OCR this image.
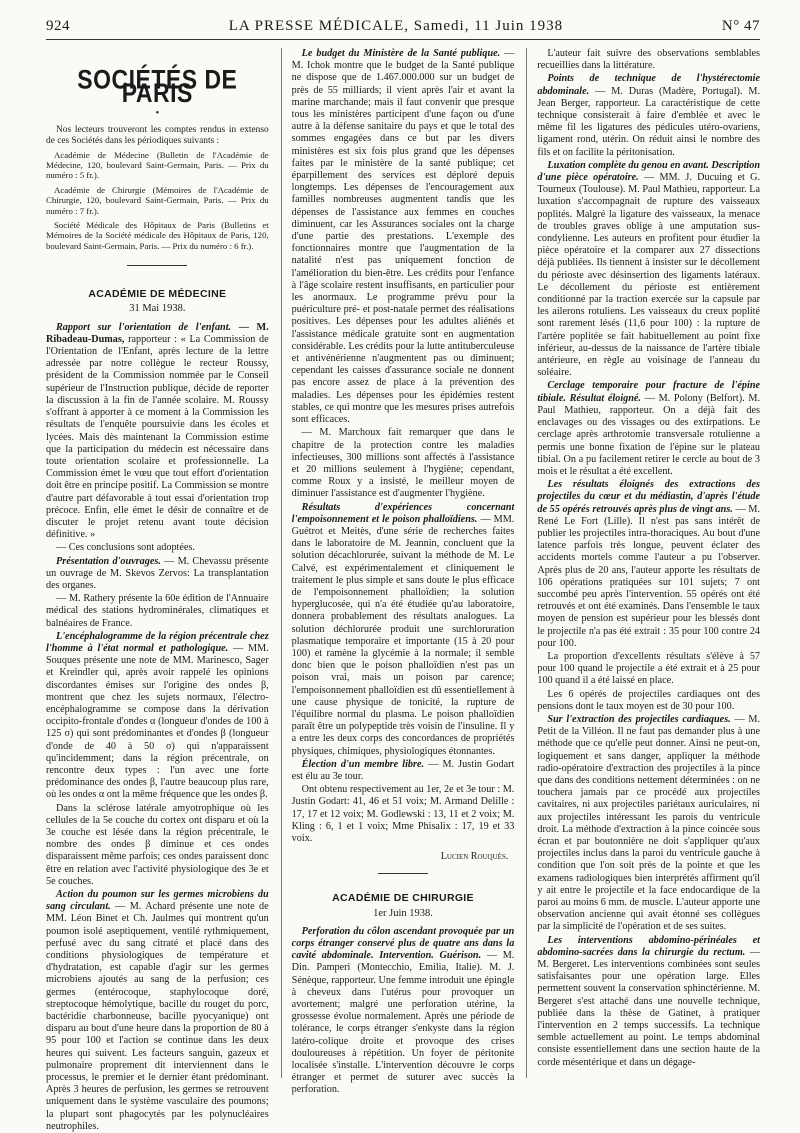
924	LA PRESSE MÉDICALE, Samedi, 11 Juin 1938	N° 47
SOCIÉTÉS DE PARIS
•

Nos lecteurs trouveront les comptes rendus in extenso de ces Sociétés dans les périodiques suivants :

Académie de Médecine (Bulletin de l'Académie de Médecine, 120, boulevard Saint-Germain, Paris. — Prix du numéro : 5 fr.).

Académie de Chirurgie (Mémoires de l'Académie de Chirurgie, 120, boulevard Saint-Germain, Paris. — Prix du numéro : 7 fr.).

Société Médicale des Hôpitaux de Paris (Bulletins et Mémoires de la Société médicale des Hôpitaux de Paris, 120, boulevard Saint-Germain, Paris. — Prix du numéro : 6 fr.).

ACADÉMIE DE MÉDECINE
31 Mai 1938.

Rapport sur l'orientation de l'enfant. — M. Ribadeau-Dumas, rapporteur : « La Commission de l'Orientation de l'Enfant, après lecture de la lettre adressée par notre collègue le recteur Roussy, président de la Commission nommée par le Conseil supérieur de l'Instruction publique, décide de reporter la discussion à la fin de l'année scolaire. M. Roussy s'offrant à apporter à ce moment à la Commission les résultats de l'enquête poursuivie dans les écoles et lycées. Mais dès maintenant la Commission estime que la participation du médecin est nécessaire dans toute orientation scolaire et professionnelle. La Commission émet le vœu que tout effort d'orientation doit être en principe positif. La Commission se montre d'autre part défavorable à tout essai d'orientation trop précoce. Enfin, elle émet le désir de connaître et de discuter le projet retenu avant toute décision définitive. »

— Ces conclusions sont adoptées.

Présentation d'ouvrages. — M. Chevassu présente un ouvrage de M. Skevos Zervos: La transplantation des organes.

— M. Rathery présente la 60e édition de l'Annuaire médical des stations hydrominérales, climatiques et balnéaires de France.

L'encéphalogramme de la région précentrale chez l'homme à l'état normal et pathologique. — MM. Souques présente une note de MM. Marinesco, Sager et Kreindler qui, après avoir rappelé les opinions discordantes émises sur l'origine des ondes β, montrent que chez les sujets normaux, l'électro-encéphalogramme se compose dans la dérivation occipito-frontale d'ondes α (longueur d'ondes de 100 à 125 σ) qui sont prédominantes et d'ondes β (longueur d'onde de 40 à 50 σ) qui n'apparaissent qu'incidemment; dans la région précentrale, on rencontre deux types : l'un avec une forte prédominance des ondes β, l'autre beaucoup plus rare, où les ondes α ont la même fréquence que les ondes β.

Dans la sclérose latérale amyotrophique où les cellules de la 5e couche du cortex ont disparu et où la 3e couche est lésée dans la région précentrale, le nombre des ondes β diminue et ces ondes disparaissent même parfois; ces ondes paraissent donc être en relation avec l'activité physiologique des 3e et 5e couches.

Action du poumon sur les germes microbiens du sang circulant. — M. Achard présente une note de MM. Léon Binet et Ch. Jaulmes qui montrent qu'un poumon isolé aseptiquement, ventilé rythmiquement, perfusé avec du sang citraté et placé dans des conditions physiologiques de température et d'hydratation, est capable d'agir sur les germes microbiens ajoutés au sang de la perfusion; ces germes (entérocoque, staphylocoque doré, streptocoque hémolytique, bacille du rouget du porc, bactéridie charbonneuse, bacille pyocyanique) ont disparu au bout d'une heure dans la proportion de 80 à 95 pour 100 et l'action se continue dans les deux heures qui suivent. Les facteurs sanguin, gazeux et pulmonaire proprement dit interviennent dans le processus, le premier et le dernier étant prédominant. Après 3 heures de perfusion, les germes se retrouvent uniquement dans le système vasculaire des poumons; la plupart sont phagocytés par les polynucléaires neutrophiles.

Le budget du Ministère de la Santé publique. — M. Ichok montre que le budget de la Santé publique ne dispose que de 1.467.000.000 sur un budget de près de 55 milliards; il vient après l'air et avant la marine marchande; mais il faut convenir que presque tous les ministères participent d'une façon ou d'une autre à la défense sanitaire du pays et que le total des sommes engagées dans ce but par les divers ministères est six fois plus grand que les dépenses faites par le ministère de la santé publique; cet éparpillement des services est déploré depuis longtemps. Les dépenses de l'encouragement aux familles nombreuses augmentent tandis que les dépenses de l'assistance aux femmes en couches diminuent, car les Assurances sociales ont la charge d'une partie des prestations. L'exemple des fonctionnaires montre que l'augmentation de la natalité n'est pas uniquement fonction de l'amélioration du bien-être. Les crédits pour l'enfance à l'âge scolaire restent insuffisants, en particulier pour les anormaux. Le programme prévu pour la puériculture pré- et post-natale permet des réalisations positives. Les dépenses pour les adultes aliénés et l'assistance médicale gratuite sont en augmentation considérable. Les crédits pour la lutte antituberculeuse et antivénérienne n'augmentent pas ou diminuent; cependant les caisses d'assurance sociale ne donnent pas encore assez de place à la prévention des maladies. Les dépenses pour les épidémies restent stables, ce qui montre que les mesures prises autrefois sont efficaces.

— M. Marchoux fait remarquer que dans le chapitre de la protection contre les maladies infectieuses, 300 millions sont affectés à l'assistance et 20 millions seulement à l'hygiène; cependant, comme Roux y a insisté, le meilleur moyen de diminuer l'assistance est d'augmenter l'hygiène.

Résultats d'expériences concernant l'empoisonnement et le poison phalloïdiens. — MM. Guétrot et Meitès, d'une série de recherches faites dans le laboratoire de M. Jeannin, concluent que la solution décachlorurée, suivant la méthode de M. Le Calvé, est expérimentalement et cliniquement le traitement le plus simple et sans doute le plus efficace de l'empoisonnement phalloïdien; la solution hyperglucosée, qui n'a été étudiée qu'au laboratoire, donnera probablement des résultats analogues. La solution déchlorurée produit une surchloruration plasmatique temporaire et importante (15 à 20 pour 100) et ramène la glycémie à la normale; il semble donc bien que le poison phalloïdien n'est pas un poison vrai, mais un poison par carence; l'empoisonnement phalloïdien est dû essentiellement à une cause physique de tonicité, la rupture de l'équilibre normal du plasma. Le poison phalloïdien paraît être un polypeptide très voisin de l'insuline. Il y a entre les deux corps des concordances de propriétés physiques, chimiques, physiologiques étonnantes.

Élection d'un membre libre. — M. Justin Godart est élu au 3e tour.

Ont obtenu respectivement au 1er, 2e et 3e tour : M. Justin Godart: 41, 46 et 51 voix; M. Armand Delille : 17, 17 et 12 voix; M. Godlewski : 13, 11 et 2 voix; M. Kling : 6, 1 et 1 voix; Mme Phisalix : 17, 19 et 33 voix.

Lucien Rouquès.
ACADÉMIE DE CHIRURGIE
1er Juin 1938.

Perforation du côlon ascendant provoquée par un corps étranger conservé plus de quatre ans dans la cavité abdominale. Intervention. Guérison. — M. Din. Pamperi (Montecchio, Emilia, Italie). M. J. Sénèque, rapporteur. Une femme introduit une épingle à cheveux dans l'utérus pour provoquer un avortement; malgré une perforation utérine, la grossesse évolue normalement. Après une période de tolérance, le corps étranger s'enkyste dans la région latéro-colique droite et provoque des crises douloureuses à répétition. Un foyer de péritonite localisée s'installe. L'intervention découvre le corps étranger et permet de suturer avec succès la perforation.

L'auteur fait suivre des observations semblables recueillies dans la littérature.

Points de technique de l'hystérectomie abdominale. — M. Duras (Madère, Portugal). M. Jean Berger, rapporteur. La caractéristique de cette technique consisterait à faire d'emblée et avec le même fil les ligatures des pédicules utéro-ovariens, ligament rond, utérin. On réduit ainsi le nombre des fils et on facilite la péritonisation.

Luxation complète du genou en avant. Description d'une pièce opératoire. — MM. J. Ducuing et G. Tourneux (Toulouse). M. Paul Mathieu, rapporteur. La luxation s'accompagnait de rupture des vaisseaux poplités. Malgré la ligature des vaisseaux, la menace de troubles graves oblige à une amputation sus-condylienne. Les auteurs en profitent pour étudier la pièce opératoire et la comparer aux 27 dissections déjà publiées. Ils tiennent à insister sur le décollement du périoste avec désinsertion des ligaments latéraux. Le décollement du périoste est entièrement conditionné par la traction exercée sur la capsule par les ailerons rotuliens. Les vaisseaux du creux poplité sont rarement lésés (11,6 pour 100) : la rupture de l'artère poplitée se fait habituellement au point fixe inférieur, au-dessus de la naissance de l'artère tibiale antérieure, en règle au voisinage de l'anneau du soléaire.

Cerclage temporaire pour fracture de l'épine tibiale. Résultat éloigné. — M. Polony (Belfort). M. Paul Mathieu, rapporteur. On a déjà fait des enclavages ou des vissages ou des extirpations. Le cerclage après arthrotomie transversale rotulienne a permis une bonne fixation de l'épine sur le plateau tibial. On a pu facilement retirer le cercle au bout de 3 mois et le résultat a été excellent.

Les résultats éloignés des extractions des projectiles du cœur et du médiastin, d'après l'étude de 55 opérés retrouvés après plus de vingt ans. — M. René Le Fort (Lille). Il n'est pas sans intérêt de publier les projectiles intra-thoraciques. Au bout d'une latence parfois très longue, peuvent éclater des accidents mortels comme l'auteur a pu l'observer. Après plus de 20 ans, l'auteur apporte les résultats de 106 opérations pratiquées sur 101 sujets; 7 ont succombé peu après l'intervention. 55 opérés ont été retrouvés et ont été examinés. Dans l'ensemble le taux moyen de pension est supérieur pour les blessés dont le projectile n'a pas été extrait : 35 pour 100 contre 24 pour 100.

La proportion d'excellents résultats s'élève à 57 pour 100 quand le projectile a été extrait et à 25 pour 100 quand il a été laissé en place.

Les 6 opérés de projectiles cardiaques ont des pensions dont le taux moyen est de 30 pour 100.

Sur l'extraction des projectiles cardiaques. — M. Petit de la Villéon. Il ne faut pas demander plus à une méthode que ce qu'elle peut donner. Ainsi ne peut-on, logiquement et sans danger, appliquer la méthode radio-opératoire d'extraction des projectiles à la pince que dans des conditions nettement déterminées : on ne touchera jamais par ce procédé aux projectiles cavitaires, ni aux projectiles pariétaux auriculaires, ni aux projectiles intéressant les parois du ventricule droit. La méthode d'extraction à la pince coincée sous écran et par boutonnière ne doit s'appliquer qu'aux projectiles inclus dans la paroi du ventricule gauche à condition que l'on soit près de la pointe et que les examens radiologiques bien interprétés affirment qu'il y ait entre le projectile et la face endocardique de la paroi au moins 6 mm. de muscle. L'auteur apporte une observation ancienne qui avait étonné ses collègues par la simplicité de l'opération et de ses suites.

Les interventions abdomino-périnéales et abdomino-sacrées dans la chirurgie du rectum. — M. Bergeret. Les interventions combinées sont seules satisfaisantes pour une opération large. Elles permettent souvent la conservation sphinctérienne. M. Bergeret s'est attaché dans une nouvelle technique, publiée dans la thèse de Gatinet, à pratiquer l'intervention en 2 temps successifs. La technique semble actuellement au point. Le temps abdominal consiste essentiellement dans une section haute de la corde mésentérique et dans un dégage-
